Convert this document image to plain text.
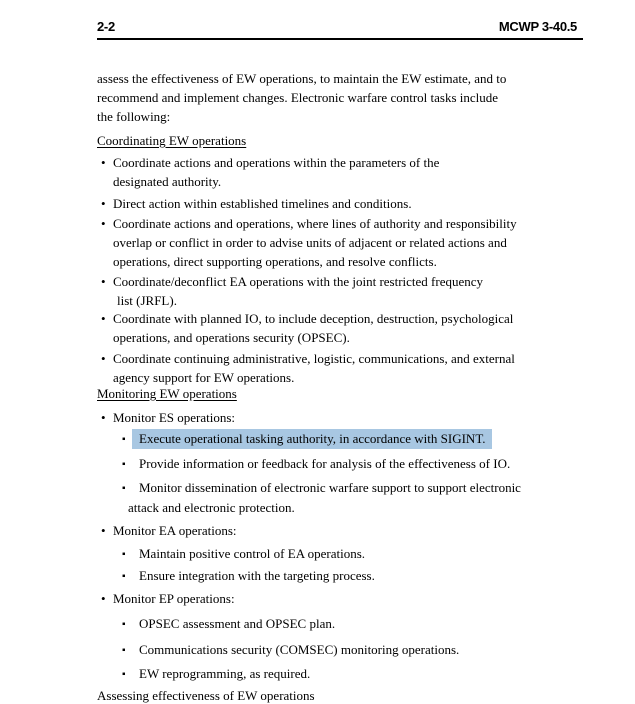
2-2	MCWP 3-40.5
assess the effectiveness of EW operations, to maintain the EW estimate, and to
recommend and implement changes. Electronic warfare control tasks include
the following:
Coordinating EW operations
• Coordinate actions and operations within the parameters of the
designated authority.
• Direct action within established timelines and conditions.
• Coordinate actions and operations, where lines of authority and responsibility
overlap or conflict in order to advise units of adjacent or related actions and
operations, direct supporting operations, and resolve conflicts.
• Coordinate/deconflict EA operations with the joint restricted frequency
list (JRFL).
• Coordinate with planned IO, to include deception, destruction, psychological
operations, and operations security (OPSEC).
• Coordinate continuing administrative, logistic, communications, and external
agency support for EW operations.
Monitoring EW operations
• Monitor ES operations:
▪ Execute operational tasking authority, in accordance with SIGINT.
▪ Provide information or feedback for analysis of the effectiveness of IO.
▪ Monitor dissemination of electronic warfare support to support electronic
attack and electronic protection.
• Monitor EA operations:
▪ Maintain positive control of EA operations.
▪ Ensure integration with the targeting process.
• Monitor EP operations:
▪ OPSEC assessment and OPSEC plan.
▪ Communications security (COMSEC) monitoring operations.
▪ EW reprogramming, as required.
Assessing effectiveness of EW operations
